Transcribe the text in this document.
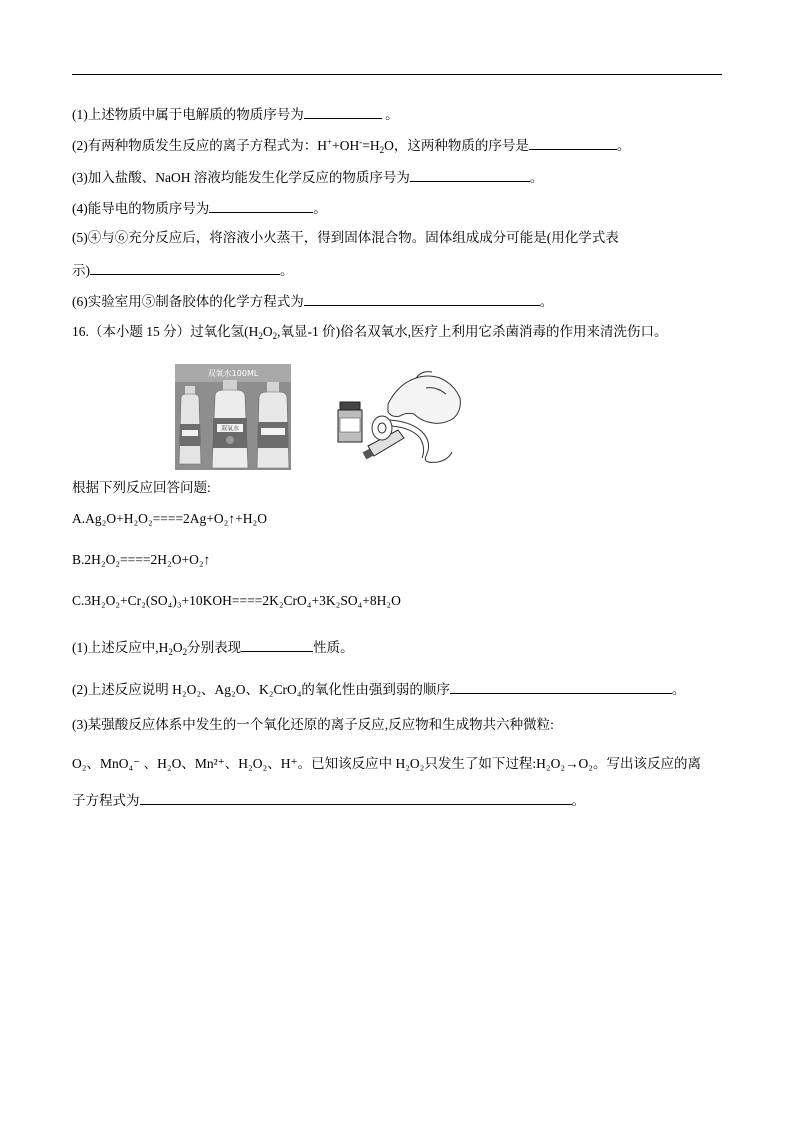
(1)上述物质中属于电解质的物质序号为	。
(2)有两种物质发生反应的离子方程式为：$H^++OH^-=H_2O$，这两种物质的序号是	。
(3)加入盐酸、NaOH 溶液均能发生化学反应的物质序号为	。
(4)能导电的物质序号为	。
(5)④与⑥充分反应后，将溶液小火蒸干，得到固体混合物。固体组成成分可能是(用化学式表
示)	。
(6)实验室用⑤制备胶体的化学方程式为	。
16.（本小题 15 分）过氧化氢($H_2O_2$,氧显-1 价)俗名双氧水,医疗上利用它杀菌消毒的作用来清洗伤口。
双氧水100ML
双氧水
根据下列反应回答问题:
A.Ag₂O+H₂O₂====2Ag+O₂↑+H₂O
B.2H₂O₂====2H₂O+O₂↑
C.3H₂O₂+Cr₂(SO₄)₃+10KOH====2K₂CrO₄+3K₂SO₄+8H₂O
(1)上述反应中$,H_2O_2$分别表现	性质。
(2)上述反应说明 H₂O₂、Ag₂O、K₂CrO₄的氧化性由强到弱的顺序	。
(3)某强酸反应体系中发生的一个氧化还原的离子反应,反应物和生成物共六种微粒:
O₂、MnO₄⁻ 、H₂O、Mn²⁺、H₂O₂、H⁺。已知该反应中 H₂O₂只发生了如下过程:H₂O₂→O₂。写出该反应的离
子方程式为	。
